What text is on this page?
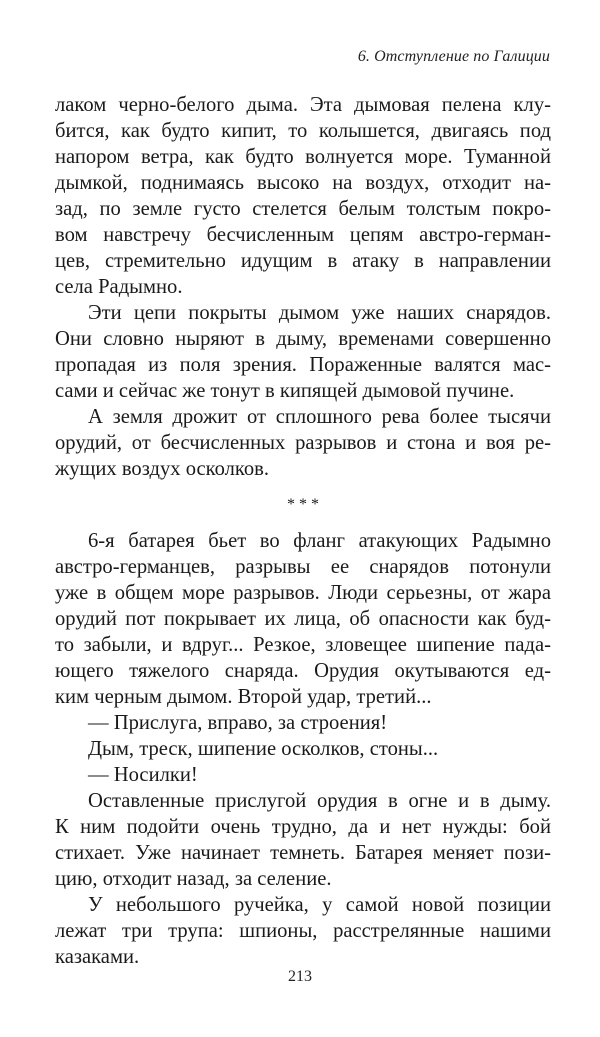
6. Отступление по Галиции
лаком черно-белого дыма. Эта дымовая пелена клу-
бится, как будто кипит, то колышется, двигаясь под
напором ветра, как будто волнуется море. Туманной
дымкой, поднимаясь высоко на воздух, отходит на-
зад, по земле густо стелется белым толстым покро-
вом навстречу бесчисленным цепям австро-герман-
цев, стремительно идущим в атаку в направлении
села Радымно.
Эти цепи покрыты дымом уже наших снарядов.
Они словно ныряют в дыму, временами совершенно
пропадая из поля зрения. Пораженные валятся мас-
сами и сейчас же тонут в кипящей дымовой пучине.
А земля дрожит от сплошного рева более тысячи
орудий, от бесчисленных разрывов и стона и воя ре-
жущих воздух осколков.
* * *
6-я батарея бьет во фланг атакующих Радымно
австро-германцев, разрывы ее снарядов потонули
уже в общем море разрывов. Люди серьезны, от жара
орудий пот покрывает их лица, об опасности как буд-
то забыли, и вдруг... Резкое, зловещее шипение пада-
ющего тяжелого снаряда. Орудия окутываются ед-
ким черным дымом. Второй удар, третий...
— Прислуга, вправо, за строения!
Дым, треск, шипение осколков, стоны...
— Носилки!
Оставленные прислугой орудия в огне и в дыму.
К ним подойти очень трудно, да и нет нужды: бой
стихает. Уже начинает темнеть. Батарея меняет пози-
цию, отходит назад, за селение.
У небольшого ручейка, у самой новой позиции
лежат три трупа: шпионы, расстрелянные нашими
казаками.
213
